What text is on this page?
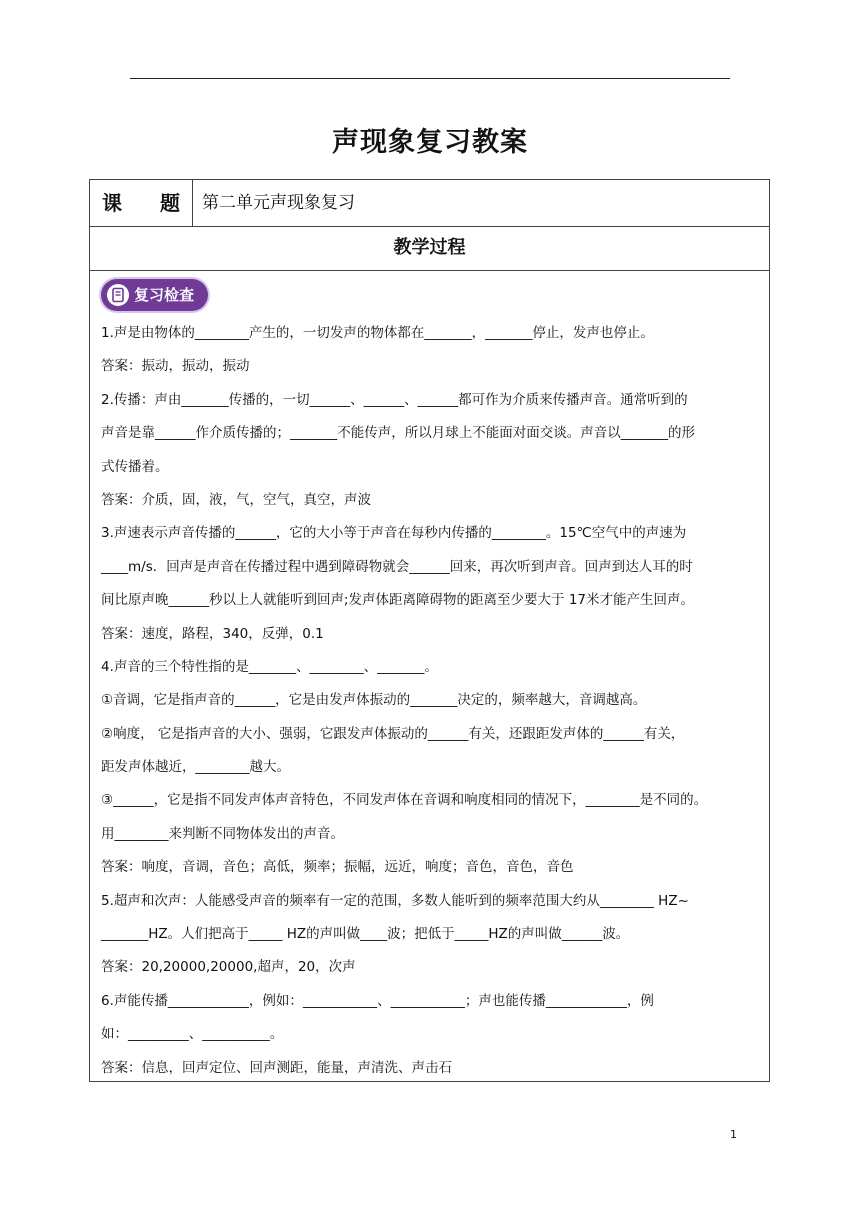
声现象复习教案
课 题 第二单元声现象复习
教学过程
复习检查
1.声是由物体的________产生的，一切发声的物体都在_______，_______停止，发声也停止。
答案：振动，振动，振动
2.传播：声由_______传播的，一切______、______、______都可作为介质来传播声音。通常听到的
声音是靠______作介质传播的；_______不能传声，所以月球上不能面对面交谈。声音以_______的形
式传播着。
答案：介质，固，液，气，空气，真空，声波
3.声速表示声音传播的______，它的大小等于声音在每秒内传播的________。15℃空气中的声速为
____m/s．回声是声音在传播过程中遇到障碍物就会______回来，再次听到声音。回声到达人耳的时
间比原声晚______秒以上人就能听到回声;发声体距离障碍物的距离至少要大于 17米才能产生回声。
答案：速度，路程，340，反弹，0.1
4.声音的三个特性指的是_______、________、_______。
①音调，它是指声音的______，它是由发声体振动的_______决定的，频率越大，音调越高。
②响度， 它是指声音的大小、强弱，它跟发声体振动的______有关，还跟距发声体的______有关，
距发声体越近，________越大。
③______，它是指不同发声体声音特色，不同发声体在音调和响度相同的情况下，________是不同的。
用________来判断不同物体发出的声音。
答案：响度，音调，音色；高低，频率；振幅，远近，响度；音色，音色，音色
5.超声和次声：人能感受声音的频率有一定的范围，多数人能听到的频率范围大约从________ HZ~
_______HZ。人们把高于_____ HZ的声叫做____波；把低于_____HZ的声叫做______波。
答案：20,20000,20000,超声，20，次声
6.声能传播____________，例如：___________、___________；声也能传播____________，例
如：_________、__________。
答案：信息，回声定位、回声测距，能量，声清洗、声击石
1
